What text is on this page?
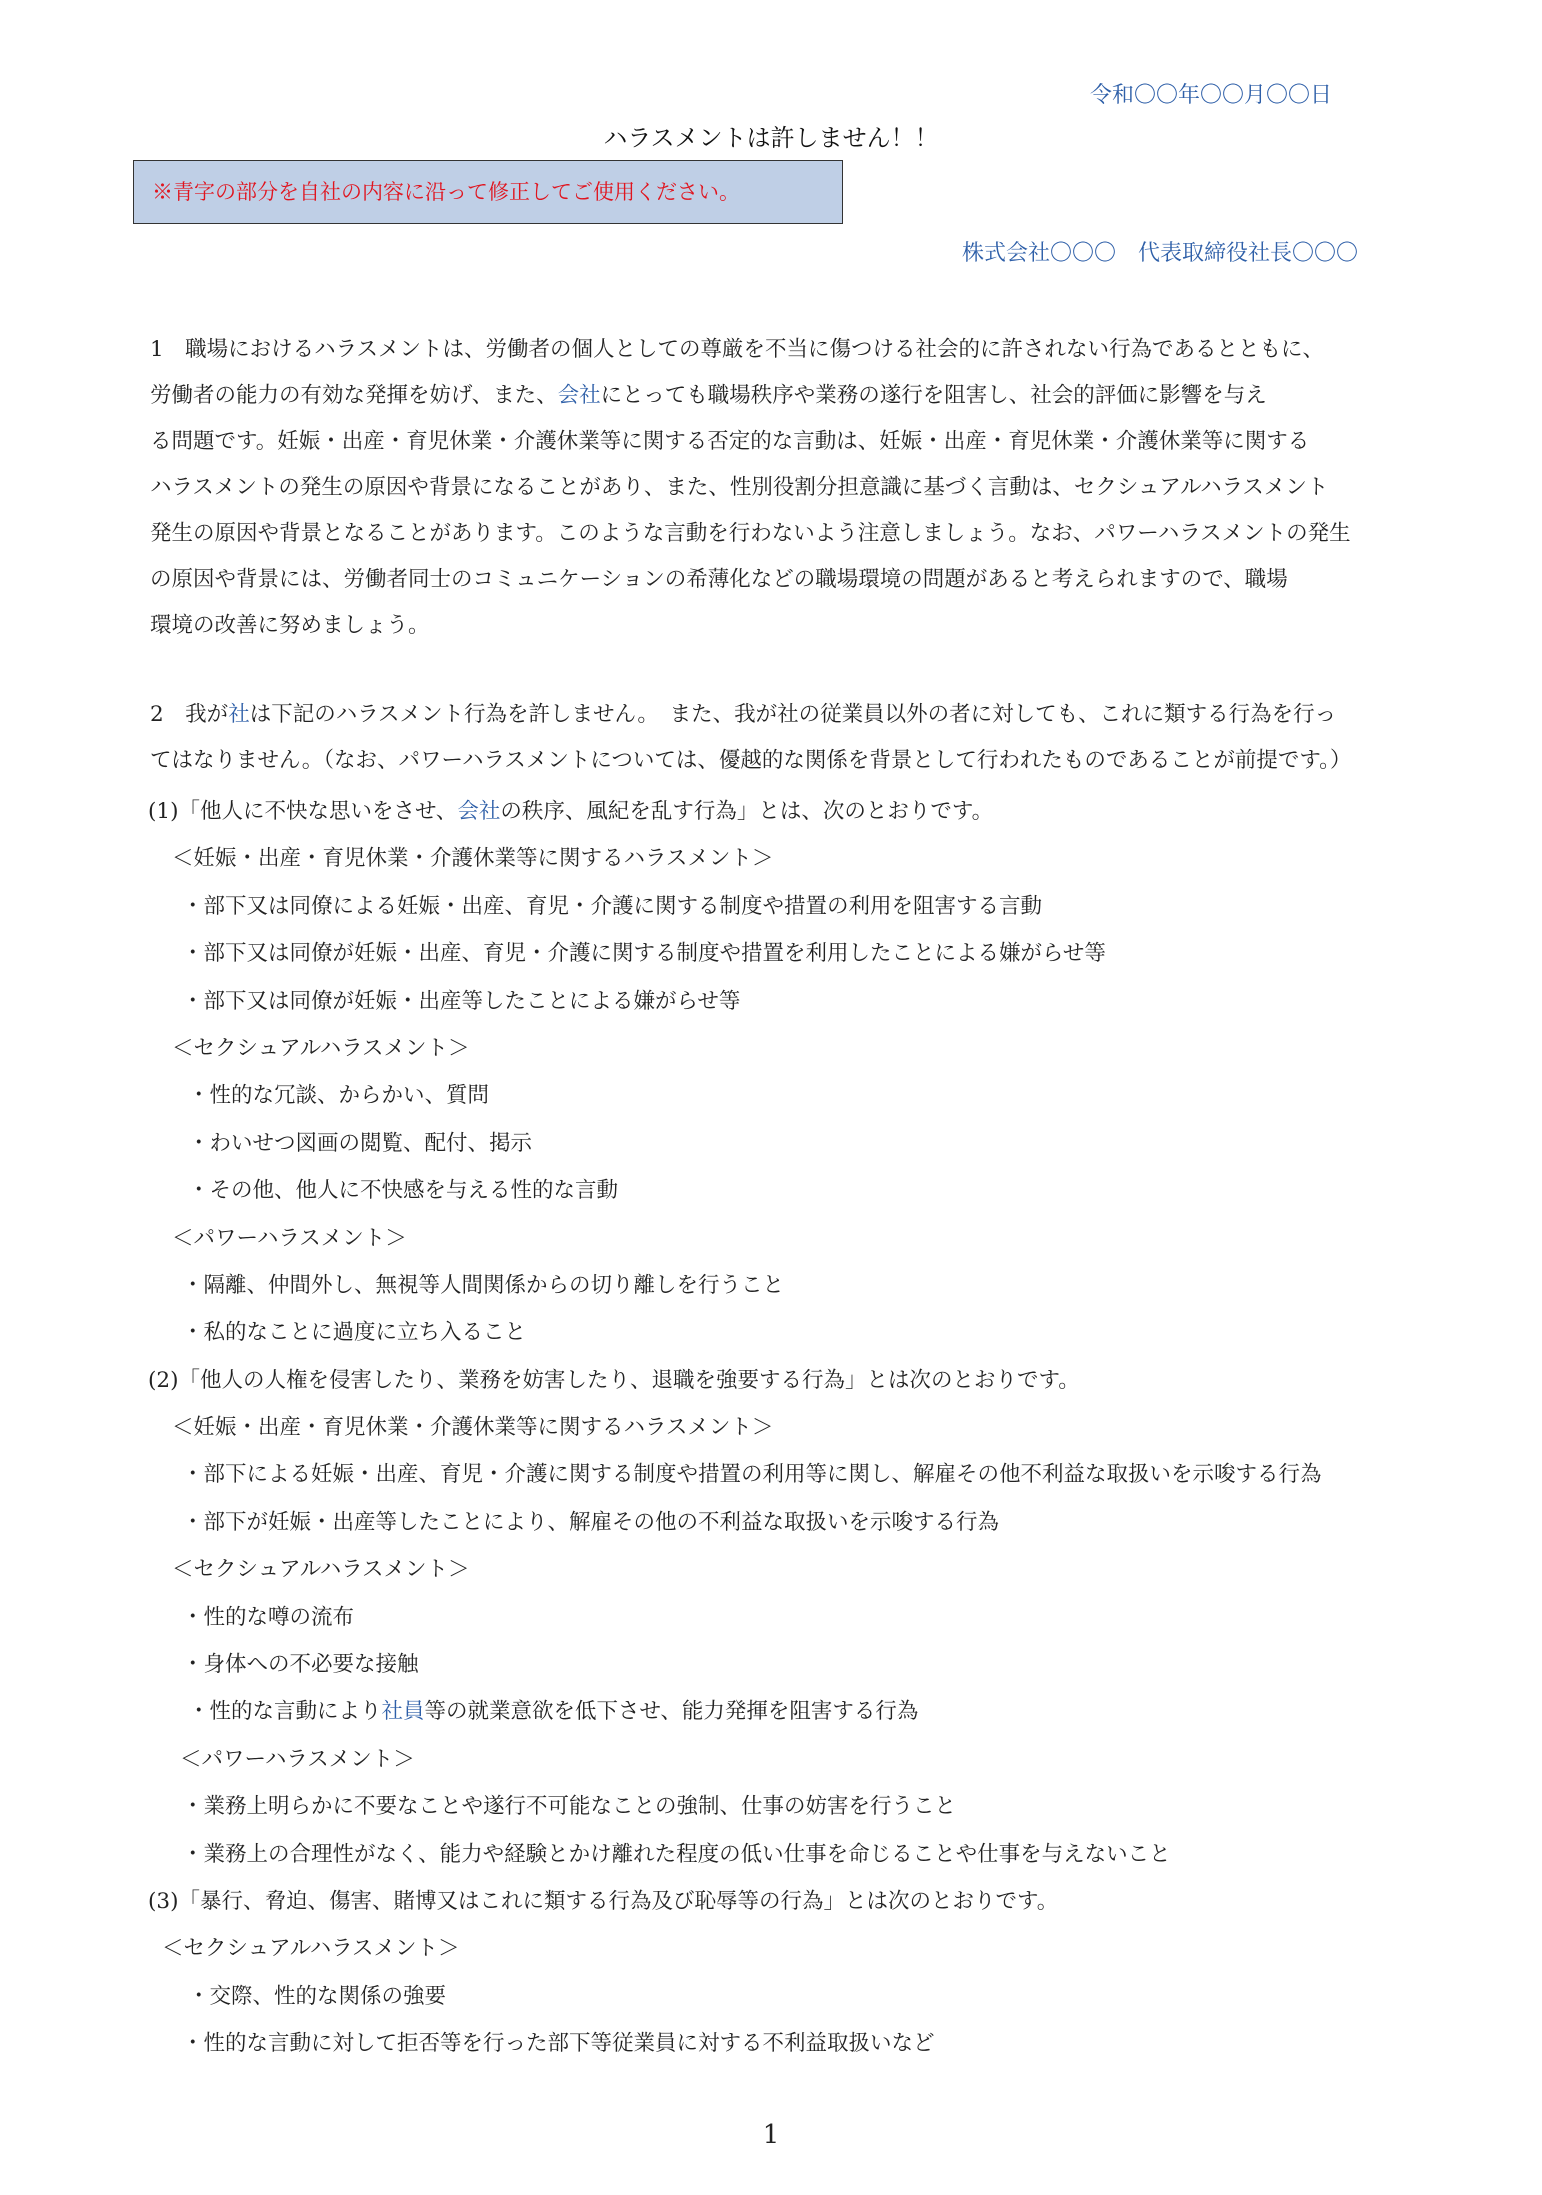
令和〇〇年〇〇月〇〇日
ハラスメントは許しません！！
※青字の部分を自社の内容に沿って修正してご使用ください。
株式会社〇〇〇　代表取締役社長〇〇〇
1　職場におけるハラスメントは、労働者の個人としての尊厳を不当に傷つける社会的に許されない行為であるとともに、
労働者の能力の有効な発揮を妨げ、また、会社にとっても職場秩序や業務の遂行を阻害し、社会的評価に影響を与え
る問題です。妊娠・出産・育児休業・介護休業等に関する否定的な言動は、妊娠・出産・育児休業・介護休業等に関する
ハラスメントの発生の原因や背景になることがあり、また、性別役割分担意識に基づく言動は、セクシュアルハラスメント
発生の原因や背景となることがあります。このような言動を行わないよう注意しましょう。なお、パワーハラスメントの発生
の原因や背景には、労働者同士のコミュニケーションの希薄化などの職場環境の問題があると考えられますので、職場
環境の改善に努めましょう。
2　我が社は下記のハラスメント行為を許しません。　また、我が社の従業員以外の者に対しても、これに類する行為を行っ
てはなりません。（なお、パワーハラスメントについては、優越的な関係を背景として行われたものであることが前提です。）
(1)「他人に不快な思いをさせ、会社の秩序、風紀を乱す行為」とは、次のとおりです。
＜妊娠・出産・育児休業・介護休業等に関するハラスメント＞
・部下又は同僚による妊娠・出産、育児・介護に関する制度や措置の利用を阻害する言動
・部下又は同僚が妊娠・出産、育児・介護に関する制度や措置を利用したことによる嫌がらせ等
・部下又は同僚が妊娠・出産等したことによる嫌がらせ等
＜セクシュアルハラスメント＞
・性的な冗談、からかい、質問
・わいせつ図画の閲覧、配付、掲示
・その他、他人に不快感を与える性的な言動
＜パワーハラスメント＞
・隔離、仲間外し、無視等人間関係からの切り離しを行うこと
・私的なことに過度に立ち入ること
(2)「他人の人権を侵害したり、業務を妨害したり、退職を強要する行為」とは次のとおりです。
＜妊娠・出産・育児休業・介護休業等に関するハラスメント＞
・部下による妊娠・出産、育児・介護に関する制度や措置の利用等に関し、解雇その他不利益な取扱いを示唆する行為
・部下が妊娠・出産等したことにより、解雇その他の不利益な取扱いを示唆する行為
＜セクシュアルハラスメント＞
・性的な噂の流布
・身体への不必要な接触
・性的な言動により社員等の就業意欲を低下させ、能力発揮を阻害する行為
＜パワーハラスメント＞
・業務上明らかに不要なことや遂行不可能なことの強制、仕事の妨害を行うこと
・業務上の合理性がなく、能力や経験とかけ離れた程度の低い仕事を命じることや仕事を与えないこと
(3)「暴行、脅迫、傷害、賭博又はこれに類する行為及び恥辱等の行為」とは次のとおりです。
＜セクシュアルハラスメント＞
・交際、性的な関係の強要
・性的な言動に対して拒否等を行った部下等従業員に対する不利益取扱いなど
1
